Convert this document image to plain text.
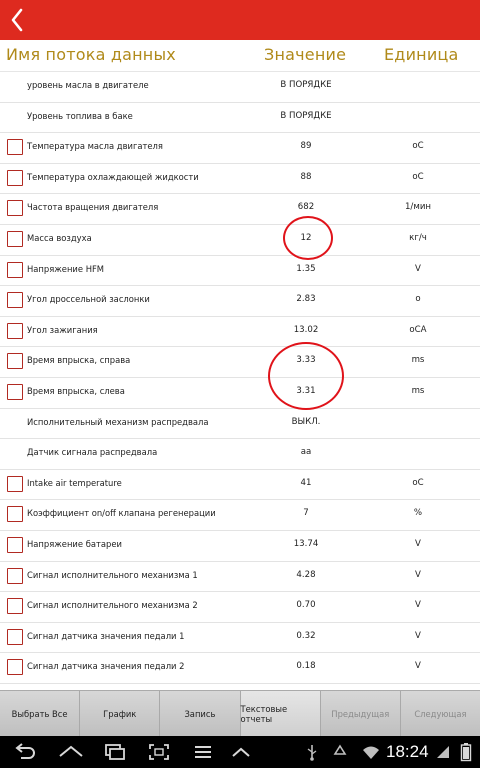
Имя потока данных	Значение Единица
уровень масла в двигателе	В ПОРЯДКЕ
Уровень топлива в баке	В ПОРЯДКЕ
Температура масла двигателя	89	oC
Температура охлаждающей жидкости	88	oC
Частота вращения двигателя	682	1/мин
Масса воздуха	12	кг/ч
Напряжение HFM	1.35	V
Угол дроссельной заслонки	2.83	o
Угол зажигания	13.02	oCA
Время впрыска, справа	3.33	ms
Время впрыска, слева	3.31	ms
Исполнительный механизм распредвала	ВЫКЛ.
Датчик сигнала распредвала	aa
Intake air temperature	41	oC
Коэффициент on/off клапана регенерации	7	%
Напряжение батареи	13.74	V
Сигнал исполнительного механизма 1	4.28	V
Сигнал исполнительного механизма 2	0.70	V
Сигнал датчика значения педали 1	0.32	V
Сигнал датчика значения педали 2	0.18	V
Выбрать Все	График	Запись	Текстовые отчеты	Предыдущая	Следующая
18:24
